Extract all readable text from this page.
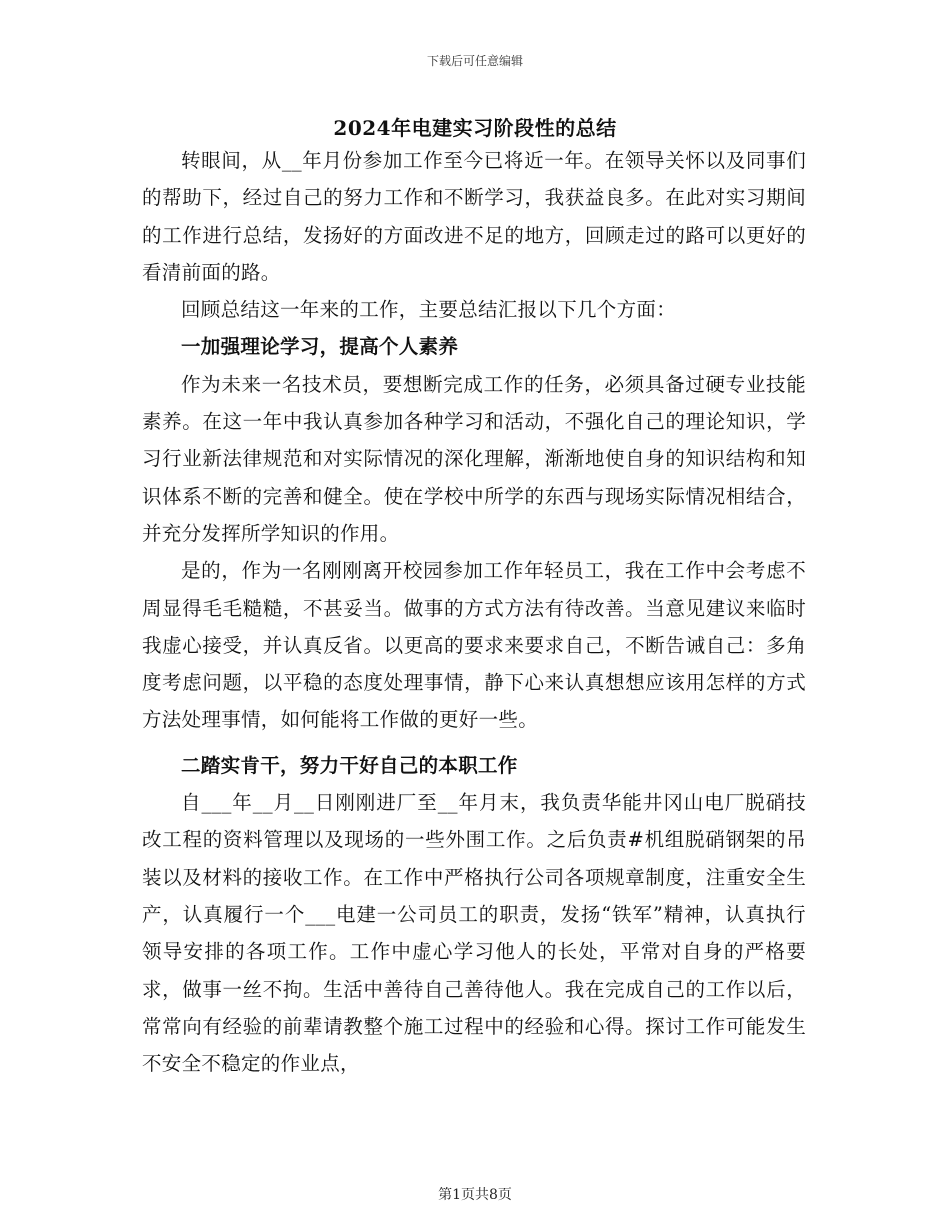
下载后可任意编辑
2024年电建实习阶段性的总结

转眼间，从__年月份参加工作至今已将近一年。在领导关怀以及同事们的帮助下，经过自己的努力工作和不断学习，我获益良多。在此对实习期间的工作进行总结，发扬好的方面改进不足的地方，回顾走过的路可以更好的看清前面的路。

回顾总结这一年来的工作，主要总结汇报以下几个方面：

一加强理论学习，提高个人素养

作为未来一名技术员，要想断完成工作的任务，必须具备过硬专业技能素养。在这一年中我认真参加各种学习和活动，不强化自己的理论知识，学习行业新法律规范和对实际情况的深化理解，渐渐地使自身的知识结构和知识体系不断的完善和健全。使在学校中所学的东西与现场实际情况相结合，并充分发挥所学知识的作用。

是的，作为一名刚刚离开校园参加工作年轻员工，我在工作中会考虑不周显得毛毛糙糙，不甚妥当。做事的方式方法有待改善。当意见建议来临时我虚心接受，并认真反省。以更高的要求来要求自己，不断告诫自己：多角度考虑问题，以平稳的态度处理事情，静下心来认真想想应该用怎样的方式方法处理事情，如何能将工作做的更好一些。

二踏实肯干，努力干好自己的本职工作

自___年__月__日刚刚进厂至__年月末，我负责华能井冈山电厂脱硝技改工程的资料管理以及现场的一些外围工作。之后负责#机组脱硝钢架的吊装以及材料的接收工作。在工作中严格执行公司各项规章制度，注重安全生产，认真履行一个___电建一公司员工的职责，发扬“铁军”精神，认真执行领导安排的各项工作。工作中虚心学习他人的长处，平常对自身的严格要求，做事一丝不拘。生活中善待自己善待他人。我在完成自己的工作以后，常常向有经验的前辈请教整个施工过程中的经验和心得。探讨工作可能发生不安全不稳定的作业点，

第1页共8页
